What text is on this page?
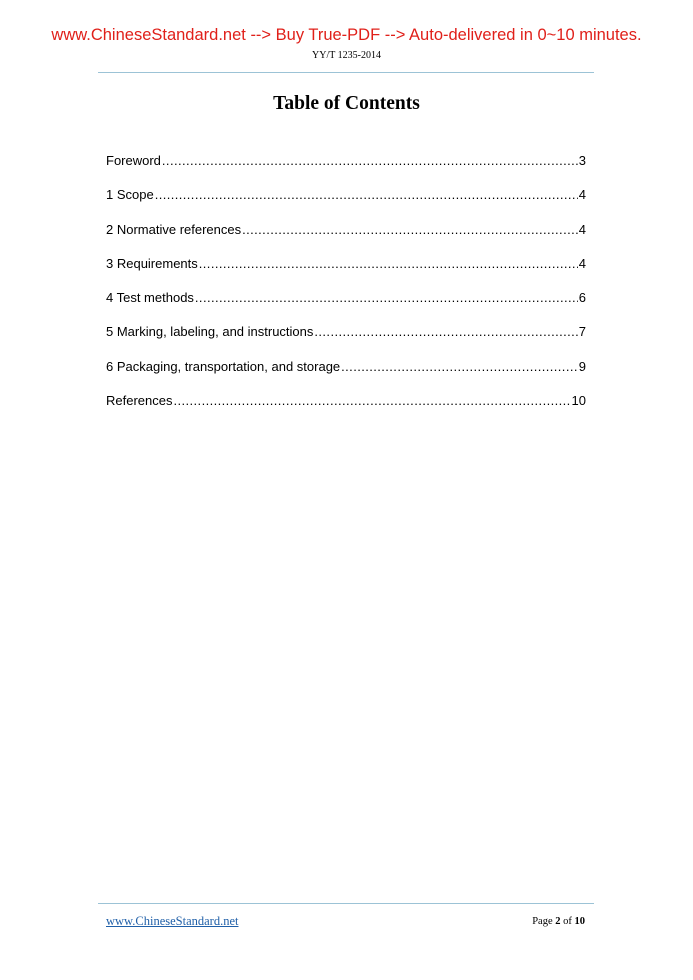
www.ChineseStandard.net --> Buy True-PDF --> Auto-delivered in 0~10 minutes.
YY/T 1235-2014
Table of Contents
Foreword .....	3
1 Scope .....	4
2 Normative references .....	4
3 Requirements .....	4
4 Test methods .....	6
5 Marking, labeling, and instructions .....	7
6 Packaging, transportation, and storage .....	9
References .....	10
www.ChineseStandard.net	Page 2 of 10
